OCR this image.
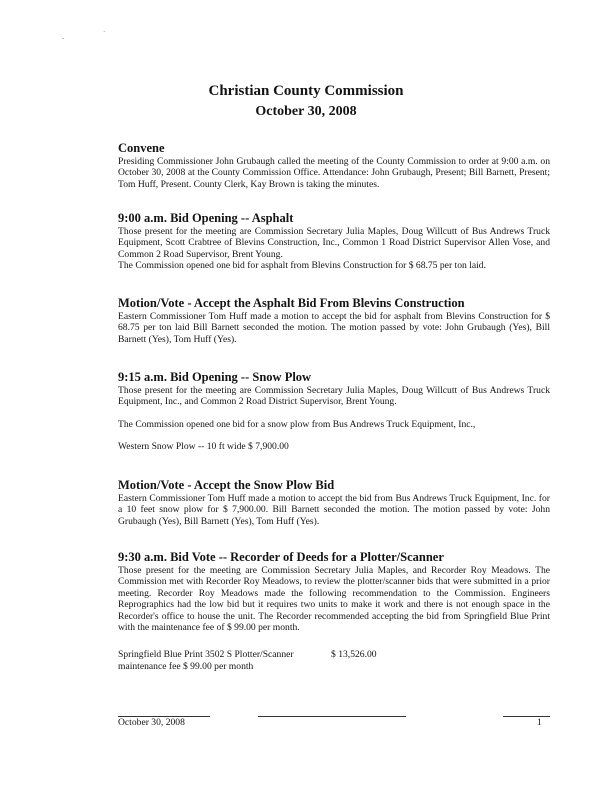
-
·
Christian County Commission
October 30, 2008
Convene

Presiding Commissioner John Grubaugh called the meeting of the County Commission to order at 9:00 a.m. on October 30, 2008 at the County Commission Office. Attendance: John Grubaugh, Present; Bill Barnett, Present; Tom Huff, Present. County Clerk, Kay Brown is taking the minutes.

9:00 a.m. Bid Opening -- Asphalt

Those present for the meeting are Commission Secretary Julia Maples, Doug Willcutt of Bus Andrews Truck Equipment, Scott Crabtree of Blevins Construction, Inc., Common 1 Road District Supervisor Allen Vose, and Common 2 Road Supervisor, Brent Young.

The Commission opened one bid for asphalt from Blevins Construction for $ 68.75 per ton laid.

Motion/Vote - Accept the Asphalt Bid From Blevins Construction

Eastern Commissioner Tom Huff made a motion to accept the bid for asphalt from Blevins Construction for $ 68.75 per ton laid Bill Barnett seconded the motion. The motion passed by vote: John Grubaugh (Yes), Bill Barnett (Yes), Tom Huff (Yes).

9:15 a.m. Bid Opening -- Snow Plow

Those present for the meeting are Commission Secretary Julia Maples, Doug Willcutt of Bus Andrews Truck Equipment, Inc., and Common 2 Road District Supervisor, Brent Young.

The Commission opened one bid for a snow plow from Bus Andrews Truck Equipment, Inc.,

Western Snow Plow -- 10 ft wide $ 7,900.00

Motion/Vote - Accept the Snow Plow Bid

Eastern Commissioner Tom Huff made a motion to accept the bid from Bus Andrews Truck Equipment, Inc. for a 10 feet snow plow for $ 7,900.00. Bill Barnett seconded the motion. The motion passed by vote: John Grubaugh (Yes), Bill Barnett (Yes), Tom Huff (Yes).

9:30 a.m. Bid Vote -- Recorder of Deeds for a Plotter/Scanner

Those present for the meeting are Commission Secretary Julia Maples, and Recorder Roy Meadows. The Commission met with Recorder Roy Meadows, to review the plotter/scanner bids that were submitted in a prior meeting. Recorder Roy Meadows made the following recommendation to the Commission. Engineers Reprographics had the low bid but it requires two units to make it work and there is not enough space in the Recorder's office to house the unit. The Recorder recommended accepting the bid from Springfield Blue Print with the maintenance fee of $ 99.00 per month.

Springfield Blue Print 3502 S Plotter/Scanner	$ 13,526.00
maintenance fee $ 99.00 per month
October 30, 2008	1
